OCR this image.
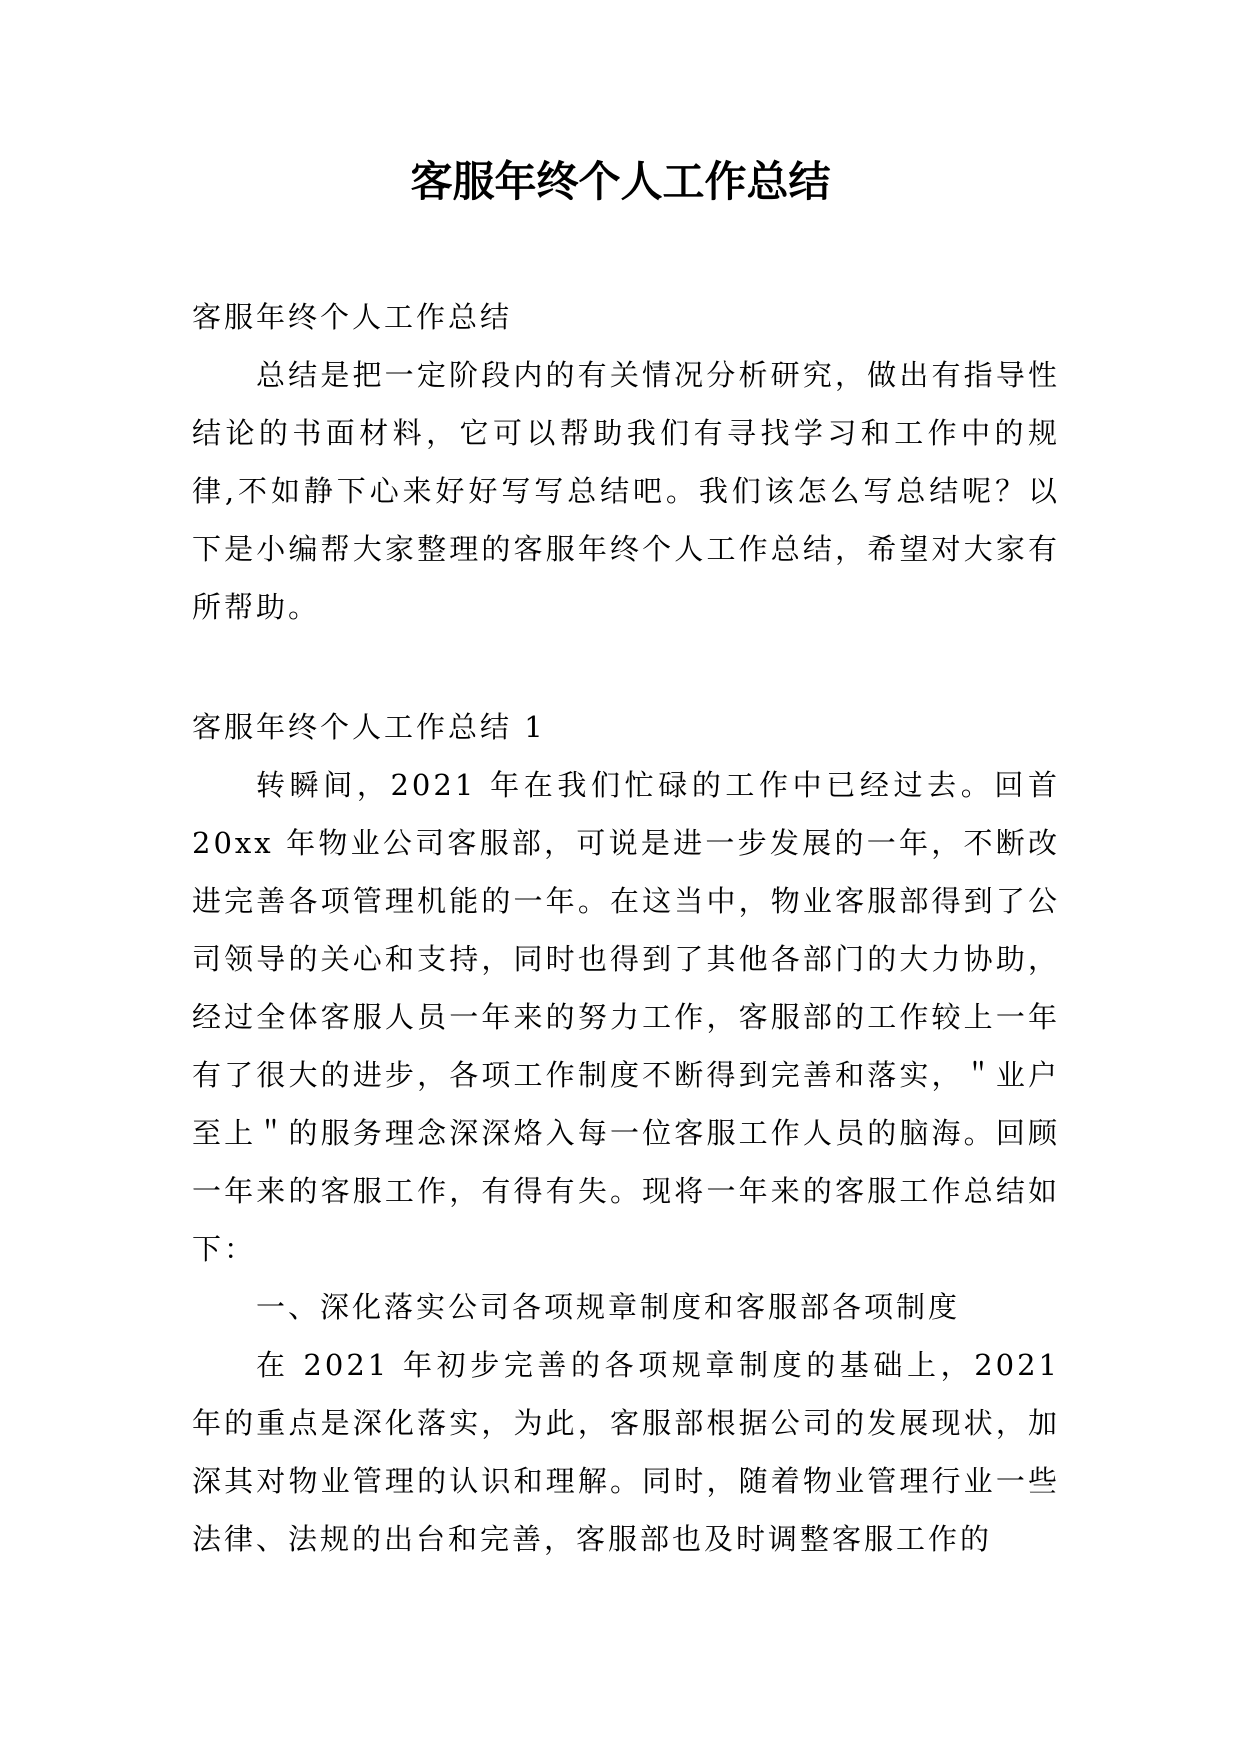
客服年终个人工作总结

客服年终个人工作总结

总结是把一定阶段内的有关情况分析研究，做出有指导性结论的书面材料，它可以帮助我们有寻找学习和工作中的规律,不如静下心来好好写写总结吧。我们该怎么写总结呢？以下是小编帮大家整理的客服年终个人工作总结，希望对大家有所帮助。

客服年终个人工作总结 1

转瞬间，2021 年在我们忙碌的工作中已经过去。回首 20xx 年物业公司客服部，可说是进一步发展的一年，不断改进完善各项管理机能的一年。在这当中，物业客服部得到了公司领导的关心和支持，同时也得到了其他各部门的大力协助，经过全体客服人员一年来的努力工作，客服部的工作较上一年有了很大的进步，各项工作制度不断得到完善和落实，＂业户至上＂的服务理念深深烙入每一位客服工作人员的脑海。回顾一年来的客服工作，有得有失。现将一年来的客服工作总结如下：

一、深化落实公司各项规章制度和客服部各项制度

在 2021 年初步完善的各项规章制度的基础上，2021 年的重点是深化落实，为此，客服部根据公司的发展现状，加深其对物业管理的认识和理解。同时，随着物业管理行业一些法律、法规的出台和完善，客服部也及时调整客服工作的
